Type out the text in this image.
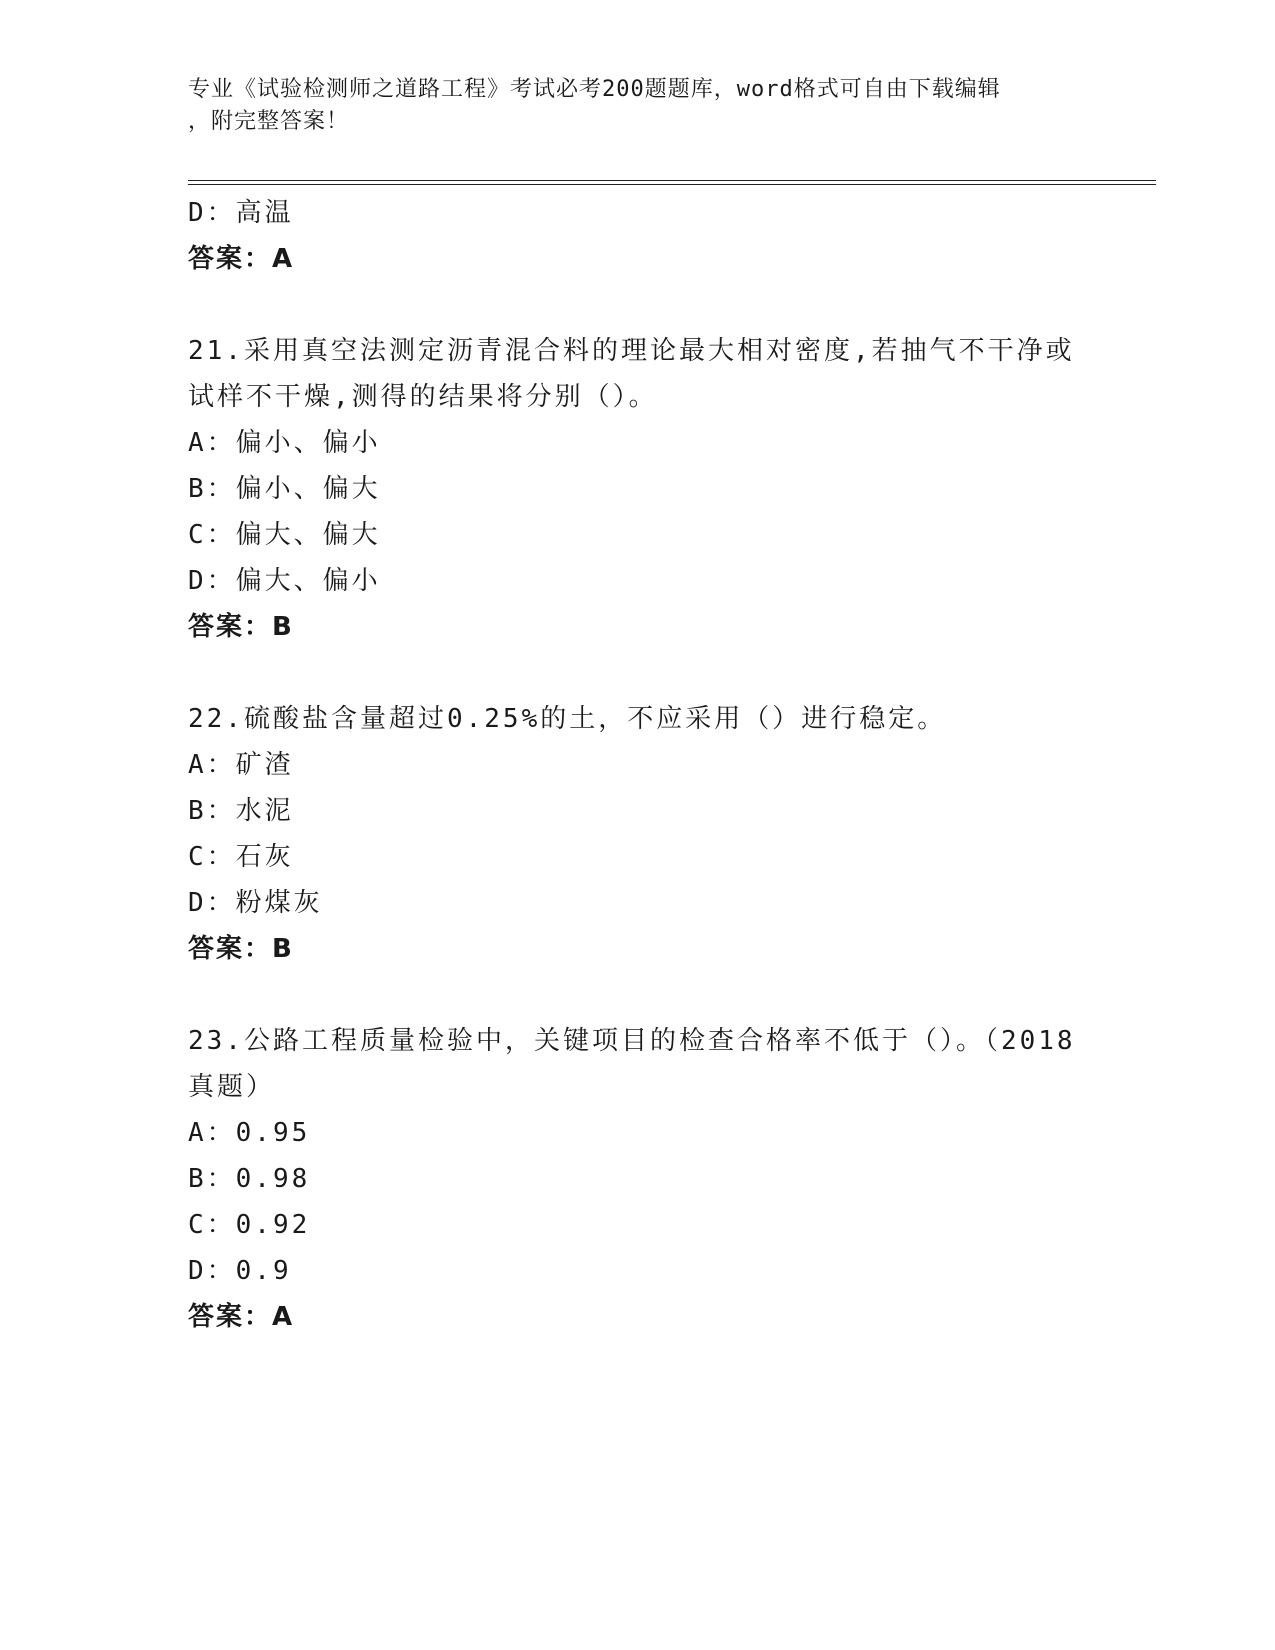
专业《试验检测师之道路工程》考试必考200题题库，word格式可自由下载编辑
，附完整答案！
D：高温
答案：A
21.采用真空法测定沥青混合料的理论最大相对密度,若抽气不干净或
试样不干燥,测得的结果将分别（）。
A：偏小、偏小
B：偏小、偏大
C：偏大、偏大
D：偏大、偏小
答案：B
22.硫酸盐含量超过0.25%的土，不应采用（）进行稳定。
A：矿渣
B：水泥
C：石灰
D：粉煤灰
答案：B
23.公路工程质量检验中，关键项目的检查合格率不低于（）。（2018
真题）
A：0.95
B：0.98
C：0.92
D：0.9
答案：A
